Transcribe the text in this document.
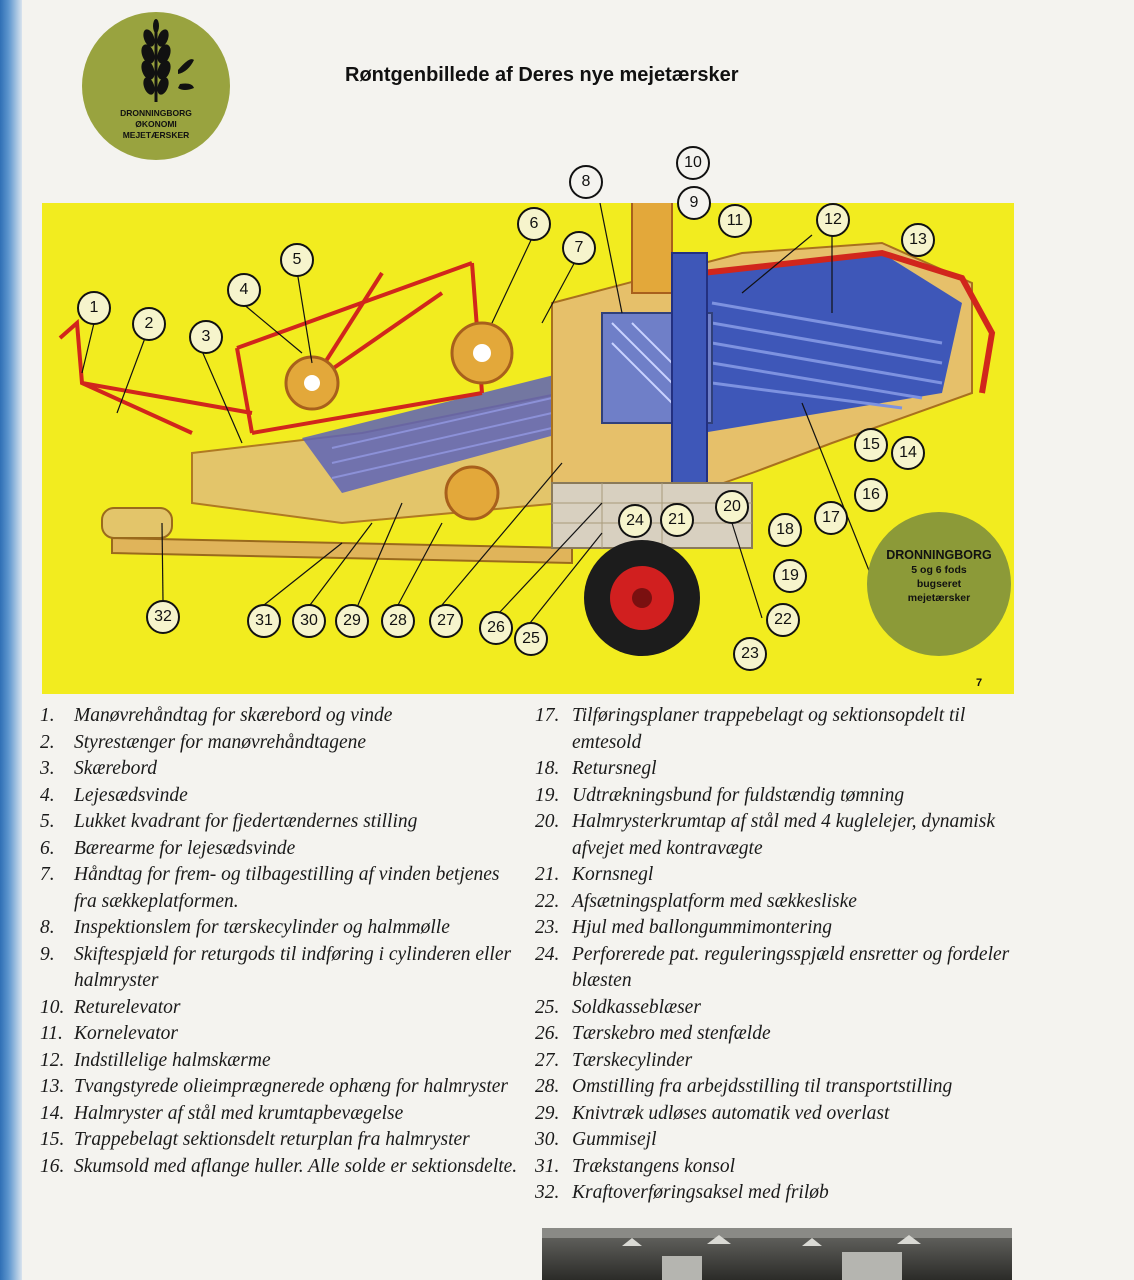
DRONNINGBORG
ØKONOMI
MEJETÆRSKER
Røntgenbillede af Deres nye mejetærsker
1
2
3
4
5
6
7
8
9
10
11	12
13
14
15
16
17
18
19
20
21
22
23
24
25
26
27
28
29
30
31
32
DRONNINGBORG
5 og 6 fods
bugseret
mejetærsker
7
1. Manøvrehåndtag for skærebord og vinde
2. Styrestænger for manøvrehåndtagene
3. Skærebord
4. Lejesædsvinde
5. Lukket kvadrant for fjedertændernes stilling
6. Bærearme for lejesædsvinde
7. Håndtag for frem- og tilbagestilling af vinden betjenes fra sækkeplatformen.
8. Inspektionslem for tærskecylinder og halmmølle
9. Skiftespjæld for returgods til indføring i cylinderen eller halmryster
10. Returelevator
11. Kornelevator
12. Indstillelige halmskærme
13. Tvangstyrede olieimprægnerede ophæng for halmryster
14. Halmryster af stål med krumtapbevægelse
15. Trappebelagt sektionsdelt returplan fra halmryster
16. Skumsold med aflange huller. Alle solde er sektionsdelte.
17. Tilføringsplaner trappebelagt og sektionsopdelt til emtesold
18. Retursnegl
19. Udtrækningsbund for fuldstændig tømning
20. Halmrysterkrumtap af stål med 4 kuglelejer, dynamisk afvejet med kontravægte
21. Kornsnegl
22. Afsætningsplatform med sækkesliske
23. Hjul med ballongummimontering
24. Perforerede pat. reguleringsspjæld ensretter og fordeler blæsten
25. Soldkasseblæser
26. Tærskebro med stenfælde
27. Tærskecylinder
28. Omstilling fra arbejdsstilling til transportstilling
29. Knivtræk udløses automatik ved overlast
30. Gummisejl
31. Trækstangens konsol
32. Kraftoverføringsaksel med friløb
